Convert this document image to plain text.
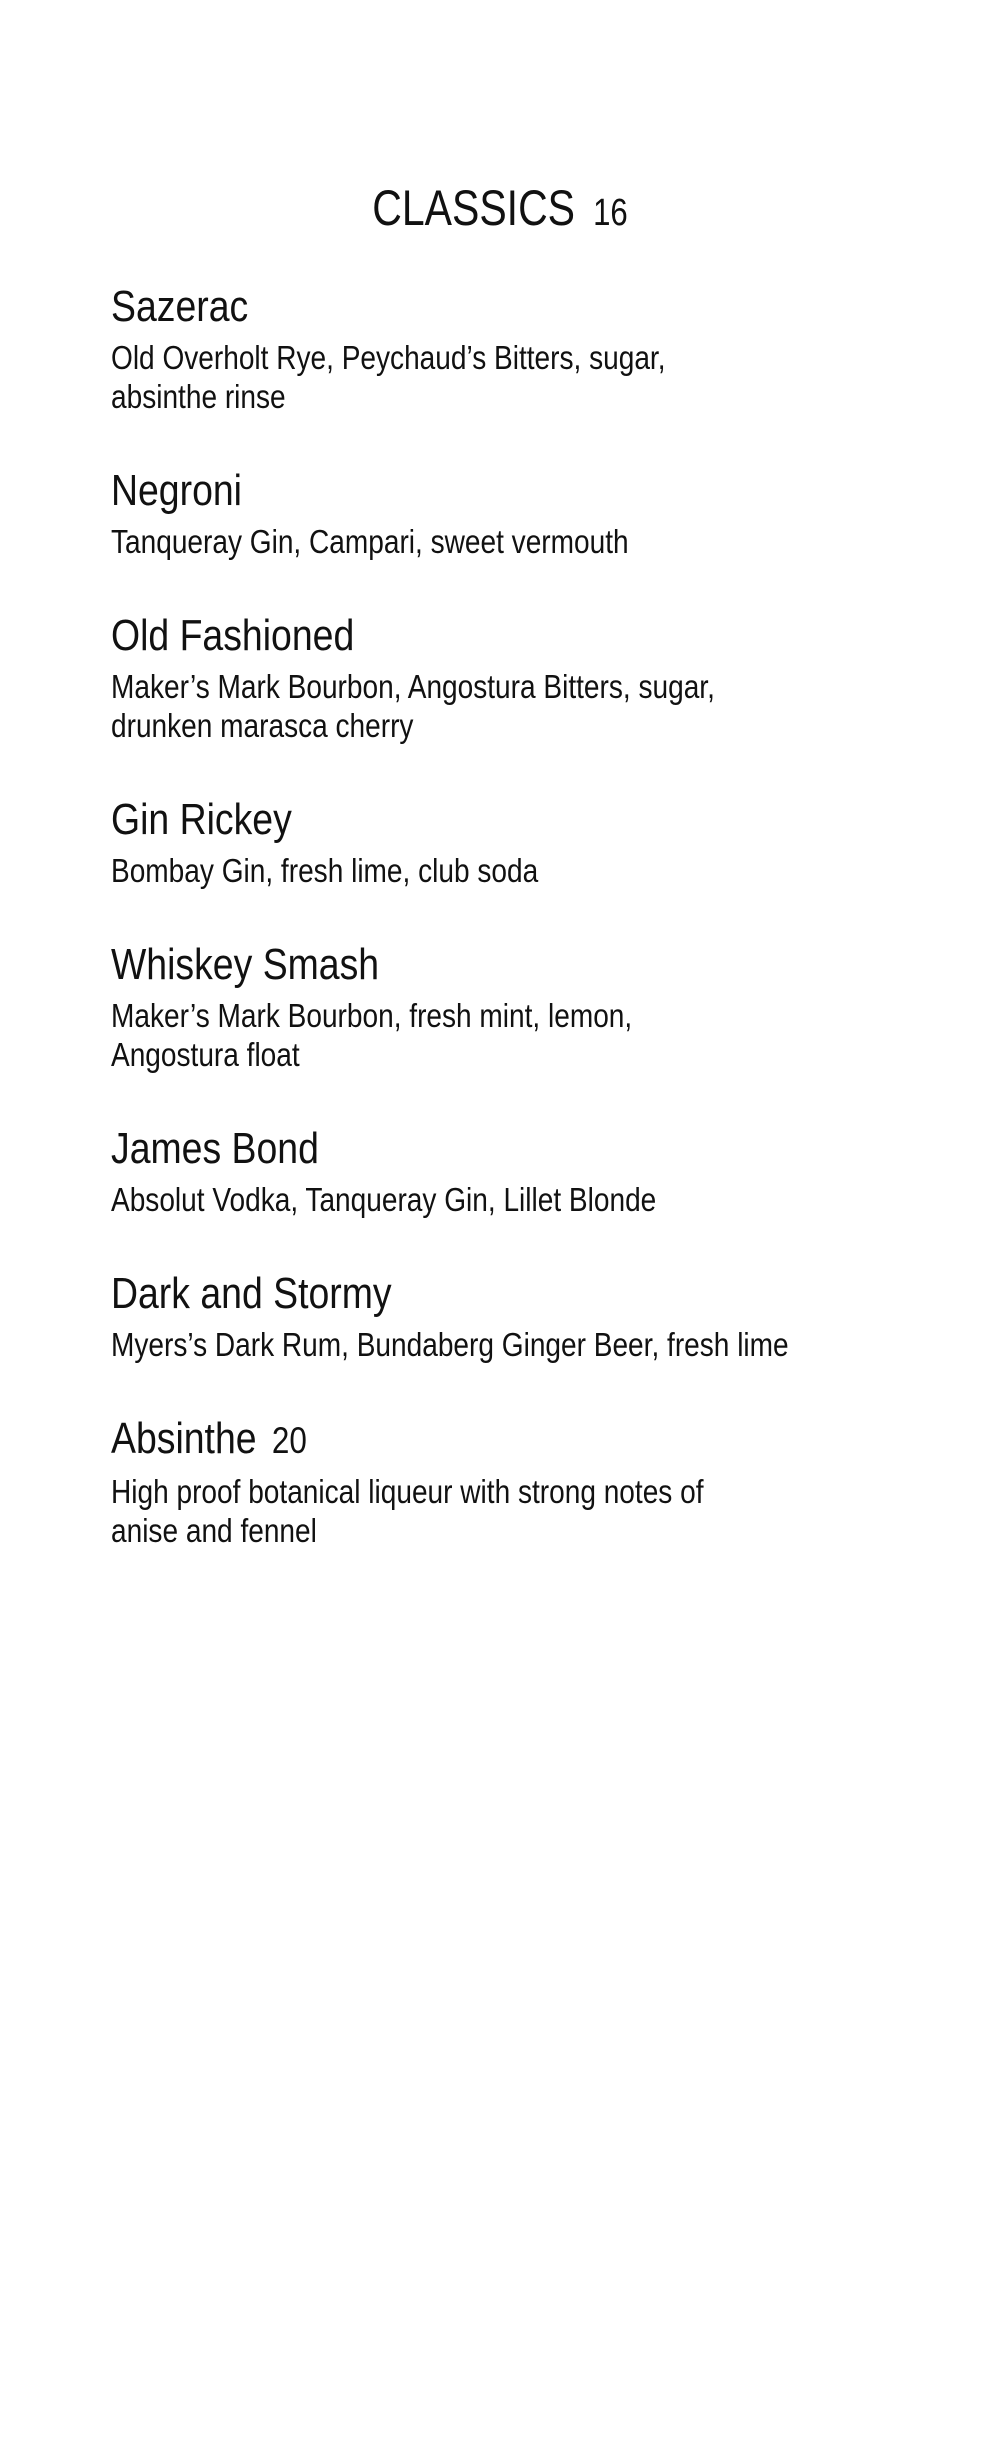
CLASSICS 16
Sazerac
Old Overholt Rye, Peychaud’s Bitters, sugar,
absinthe rinse
Negroni
Tanqueray Gin, Campari, sweet vermouth
Old Fashioned
Maker’s Mark Bourbon, Angostura Bitters, sugar,
drunken marasca cherry
Gin Rickey
Bombay Gin, fresh lime, club soda
Whiskey Smash
Maker’s Mark Bourbon, fresh mint, lemon,
Angostura float
James Bond
Absolut Vodka, Tanqueray Gin, Lillet Blonde
Dark and Stormy
Myers’s Dark Rum, Bundaberg Ginger Beer, fresh lime
Absinthe 20
High proof botanical liqueur with strong notes of
anise and fennel
